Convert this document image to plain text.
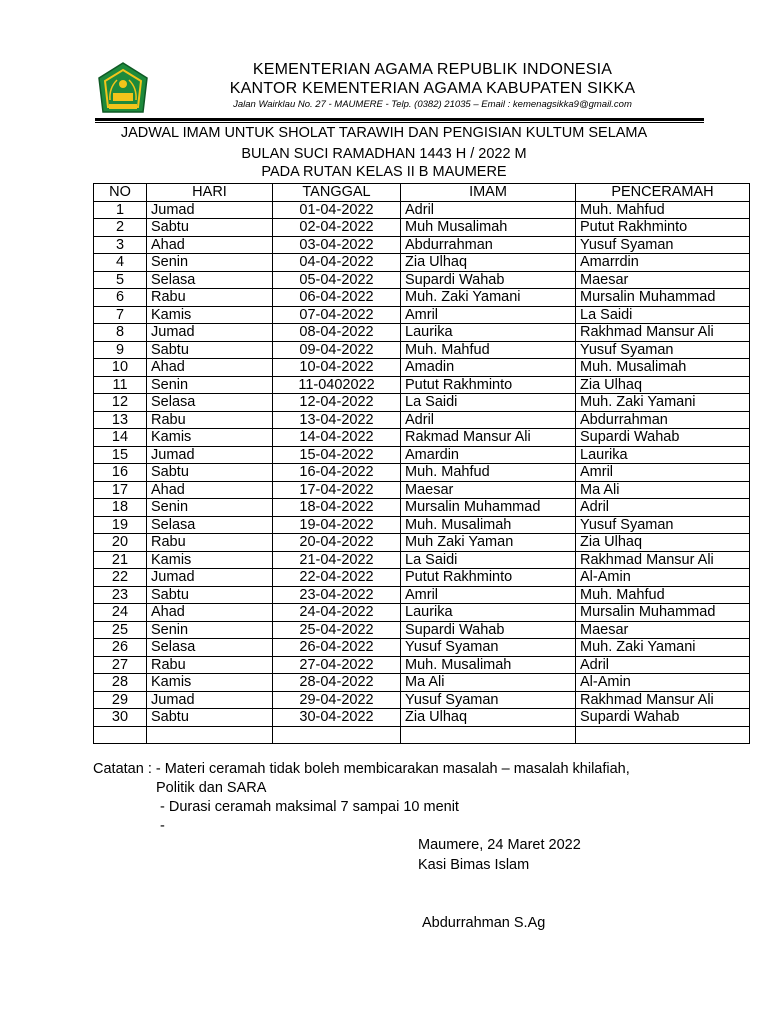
KEMENTERIAN AGAMA REPUBLIK INDONESIA
KANTOR KEMENTERIAN AGAMA KABUPATEN SIKKA
Jalan Wairklau No. 27 - MAUMERE - Telp. (0382) 21035 – Email : kemenagsikka9@gmail.com
JADWAL IMAM UNTUK SHOLAT TARAWIH DAN PENGISIAN KULTUM SELAMA
BULAN SUCI RAMADHAN 1443 H / 2022 M
PADA RUTAN KELAS II B MAUMERE
NO	HARI	TANGGAL	IMAM	PENCERAMAH
1	Jumad	01-04-2022	Adril	Muh. Mahfud
2	Sabtu	02-04-2022	Muh Musalimah	Putut Rakhminto
3	Ahad	03-04-2022	Abdurrahman	Yusuf Syaman
4	Senin	04-04-2022	Zia Ulhaq	Amarrdin
5	Selasa	05-04-2022	Supardi Wahab	Maesar
6	Rabu	06-04-2022	Muh. Zaki Yamani	Mursalin Muhammad
7	Kamis	07-04-2022	Amril	La Saidi
8	Jumad	08-04-2022	Laurika	Rakhmad Mansur Ali
9	Sabtu	09-04-2022	Muh. Mahfud	Yusuf Syaman
10	Ahad	10-04-2022	Amadin	Muh. Musalimah
11	Senin	11-0402022	Putut Rakhminto	Zia Ulhaq
12	Selasa	12-04-2022	La Saidi	Muh. Zaki Yamani
13	Rabu	13-04-2022	Adril	Abdurrahman
14	Kamis	14-04-2022	Rakmad Mansur Ali	Supardi Wahab
15	Jumad	15-04-2022	Amardin	Laurika
16	Sabtu	16-04-2022	Muh. Mahfud	Amril
17	Ahad	17-04-2022	Maesar	Ma Ali
18	Senin	18-04-2022	Mursalin Muhammad	Adril
19	Selasa	19-04-2022	Muh. Musalimah	Yusuf Syaman
20	Rabu	20-04-2022	Muh Zaki Yaman	Zia Ulhaq
21	Kamis	21-04-2022	La Saidi	Rakhmad Mansur Ali
22	Jumad	22-04-2022	Putut Rakhminto	Al-Amin
23	Sabtu	23-04-2022	Amril	Muh. Mahfud
24	Ahad	24-04-2022	Laurika	Mursalin Muhammad
25	Senin	25-04-2022	Supardi Wahab	Maesar
26	Selasa	26-04-2022	Yusuf Syaman	Muh. Zaki Yamani
27	Rabu	27-04-2022	Muh. Musalimah	Adril
28	Kamis	28-04-2022	Ma Ali	Al-Amin
29	Jumad	29-04-2022	Yusuf Syaman	Rakhmad Mansur Ali
30	Sabtu	30-04-2022	Zia Ulhaq	Supardi Wahab

Catatan : - Materi ceramah tidak boleh membicarakan masalah – masalah khilafiah,
Politik dan SARA
- Durasi ceramah maksimal 7 sampai 10 menit
-
Maumere, 24 Maret 2022
Kasi Bimas Islam
Abdurrahman S.Ag
